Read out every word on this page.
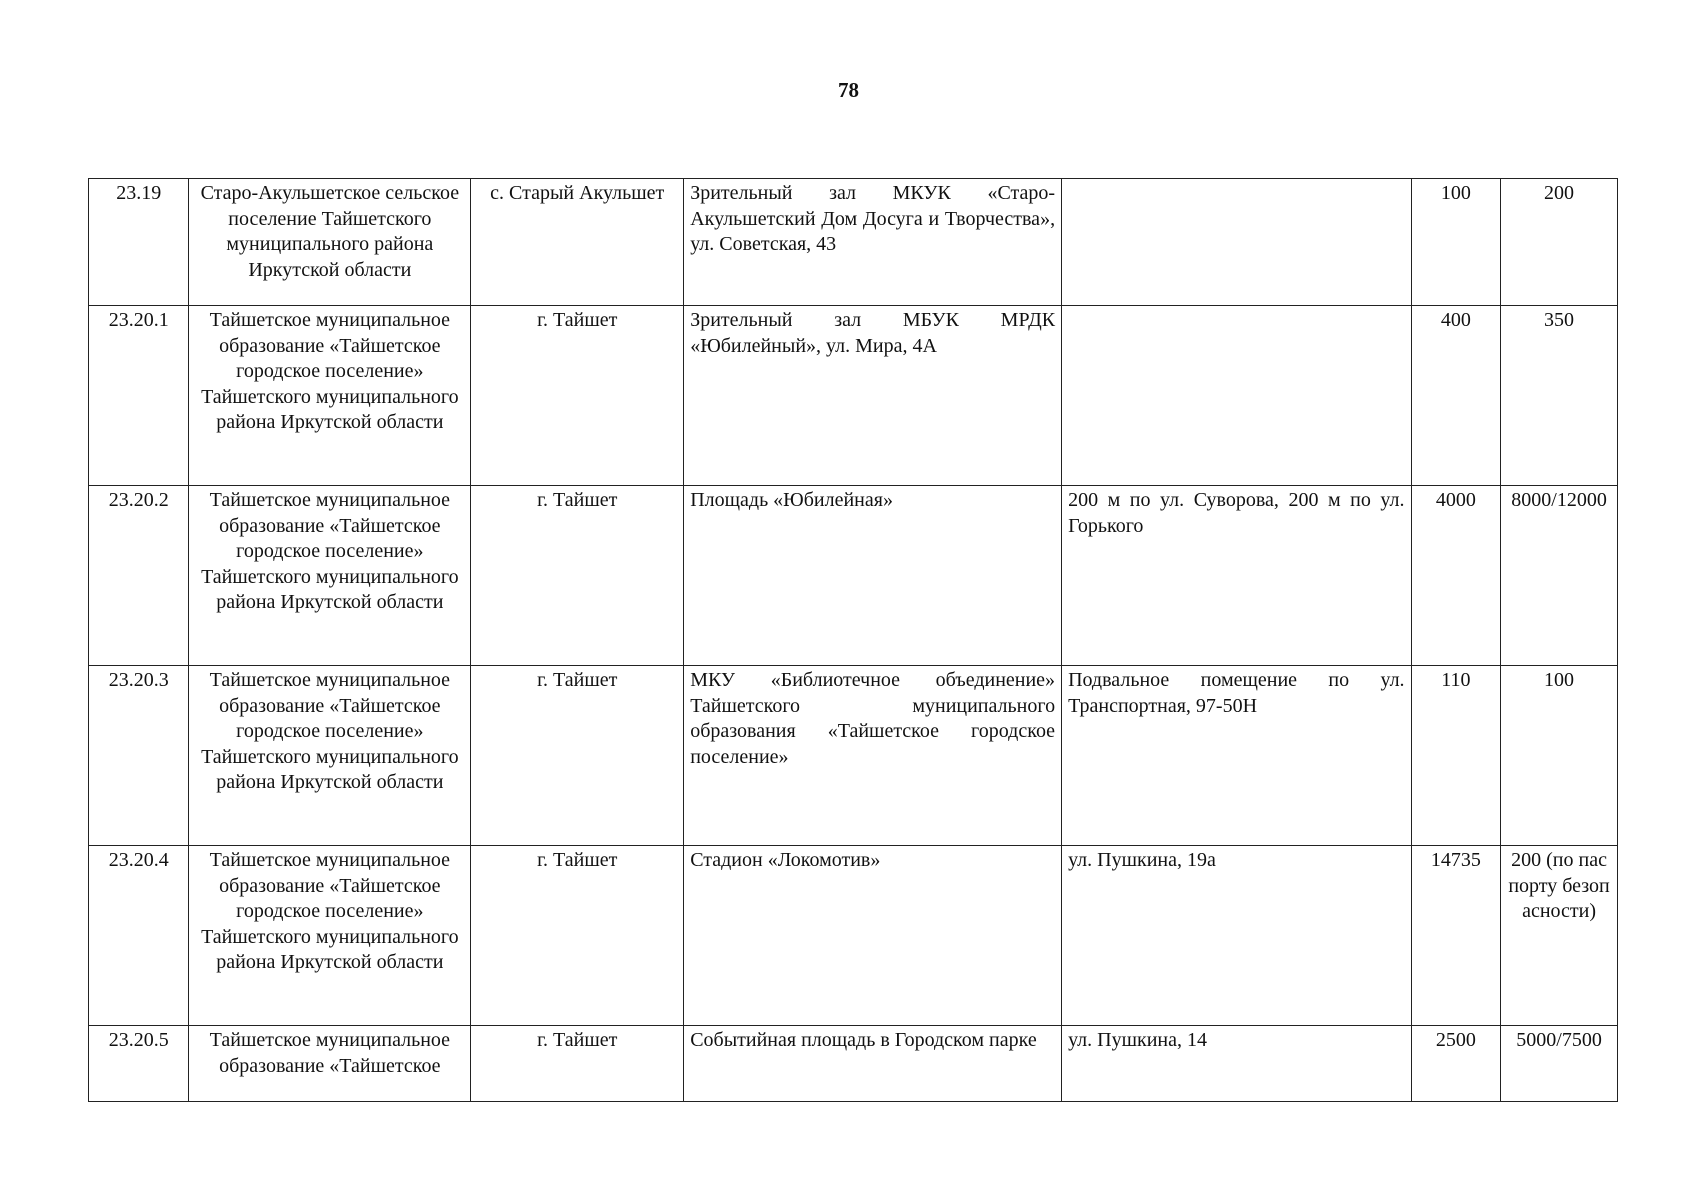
78
23.19	Старо-Акульшетское сельское поселение Тайшетского муниципального района Иркутской области	с. Старый Акульшет	Зрительный зал МКУК «Старо-Акульшетский Дом Досуга и Творчества», ул. Советская, 43		100	200
23.20.1	Тайшетское муниципальное образование «Тайшетское городское поселение» Тайшетского муниципального района Иркутской области	г. Тайшет	Зрительный зал МБУК МРДК «Юбилейный», ул. Мира, 4А		400	350
23.20.2	Тайшетское муниципальное образование «Тайшетское городское поселение» Тайшетского муниципального района Иркутской области	г. Тайшет	Площадь «Юбилейная»	200 м по ул. Суворова, 200 м по ул. Горького	4000	8000/12000
23.20.3	Тайшетское муниципальное образование «Тайшетское городское поселение» Тайшетского муниципального района Иркутской области	г. Тайшет	МКУ «Библиотечное объединение» Тайшетского муниципального образования «Тайшетское городское поселение»	Подвальное помещение по ул. Транспортная, 97-50Н	110	100
23.20.4	Тайшетское муниципальное образование «Тайшетское городское поселение» Тайшетского муниципального района Иркутской области	г. Тайшет	Стадион «Локомотив»	ул. Пушкина, 19а	14735	200 (по паспорту безопасности)
23.20.5	Тайшетское муниципальное образование «Тайшетское	г. Тайшет	Событийная площадь в Городском парке	ул. Пушкина, 14	2500	5000/7500
